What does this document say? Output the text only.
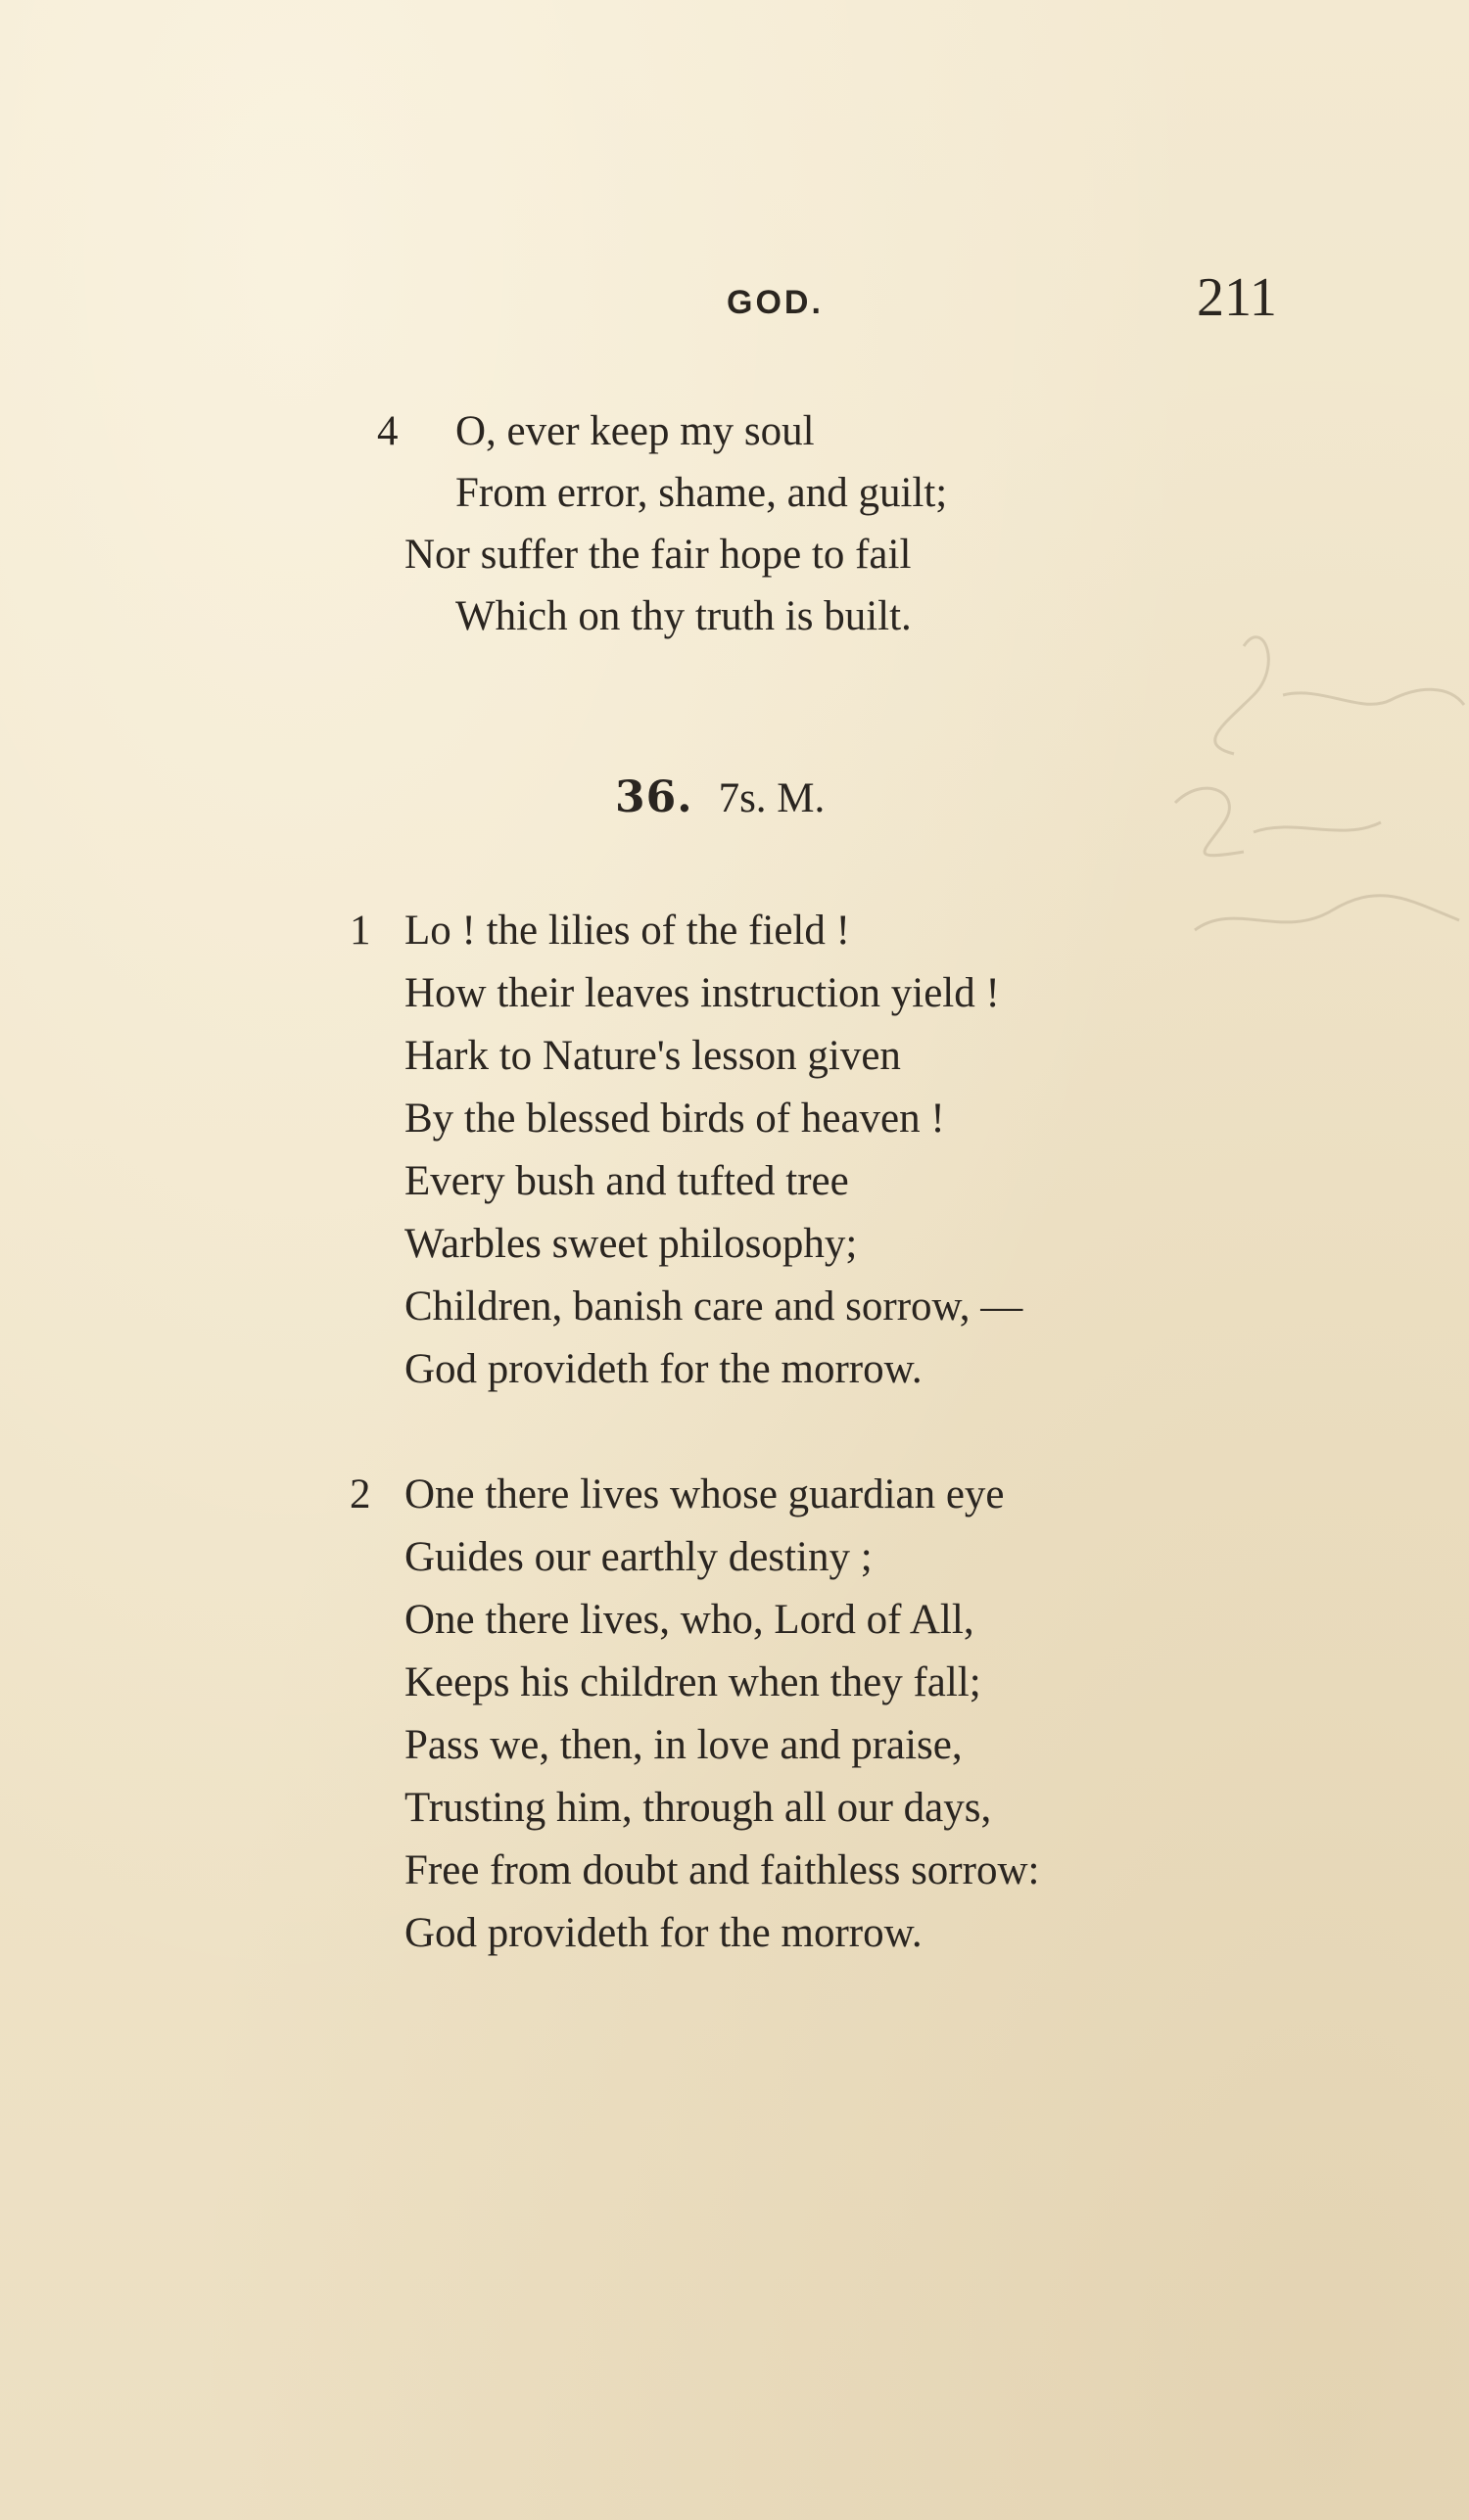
GOD.	211
4 O, ever keep my soul
From error, shame, and guilt;
Nor suffer the fair hope to fail
Which on thy truth is built.
36. 7s. M.
1 Lo ! the lilies of the field !
How their leaves instruction yield !
Hark to Nature's lesson given
By the blessed birds of heaven !
Every bush and tufted tree
Warbles sweet philosophy;
Children, banish care and sorrow, —
God provideth for the morrow.
2 One there lives whose guardian eye
Guides our earthly destiny ;
One there lives, who, Lord of All,
Keeps his children when they fall;
Pass we, then, in love and praise,
Trusting him, through all our days,
Free from doubt and faithless sorrow:
God provideth for the morrow.
